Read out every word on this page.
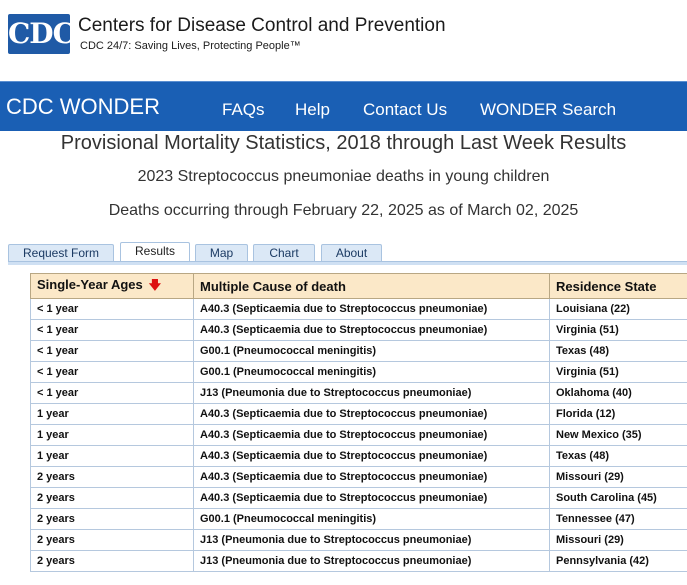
CDC Centers for Disease Control and Prevention
CDC 24/7: Saving Lives, Protecting People™
CDC WONDER	FAQs Help Contact Us WONDER Search
Provisional Mortality Statistics, 2018 through Last Week Results
2023 Streptococcus pneumoniae deaths in young children
Deaths occurring through February 22, 2025 as of March 02, 2025
Request Form	Results	Map	Chart	About
Single-Year Ages 🡇	Multiple Cause of death	Residence State
< 1 year	A40.3 (Septicaemia due to Streptococcus pneumoniae)	Louisiana (22)
< 1 year	A40.3 (Septicaemia due to Streptococcus pneumoniae)	Virginia (51)
< 1 year	G00.1 (Pneumococcal meningitis)	Texas (48)
< 1 year	G00.1 (Pneumococcal meningitis)	Virginia (51)
< 1 year	J13 (Pneumonia due to Streptococcus pneumoniae)	Oklahoma (40)
1 year	A40.3 (Septicaemia due to Streptococcus pneumoniae)	Florida (12)
1 year	A40.3 (Septicaemia due to Streptococcus pneumoniae)	New Mexico (35)
1 year	A40.3 (Septicaemia due to Streptococcus pneumoniae)	Texas (48)
2 years	A40.3 (Septicaemia due to Streptococcus pneumoniae)	Missouri (29)
2 years	A40.3 (Septicaemia due to Streptococcus pneumoniae)	South Carolina (45)
2 years	G00.1 (Pneumococcal meningitis)	Tennessee (47)
2 years	J13 (Pneumonia due to Streptococcus pneumoniae)	Missouri (29)
2 years	J13 (Pneumonia due to Streptococcus pneumoniae)	Pennsylvania (42)
